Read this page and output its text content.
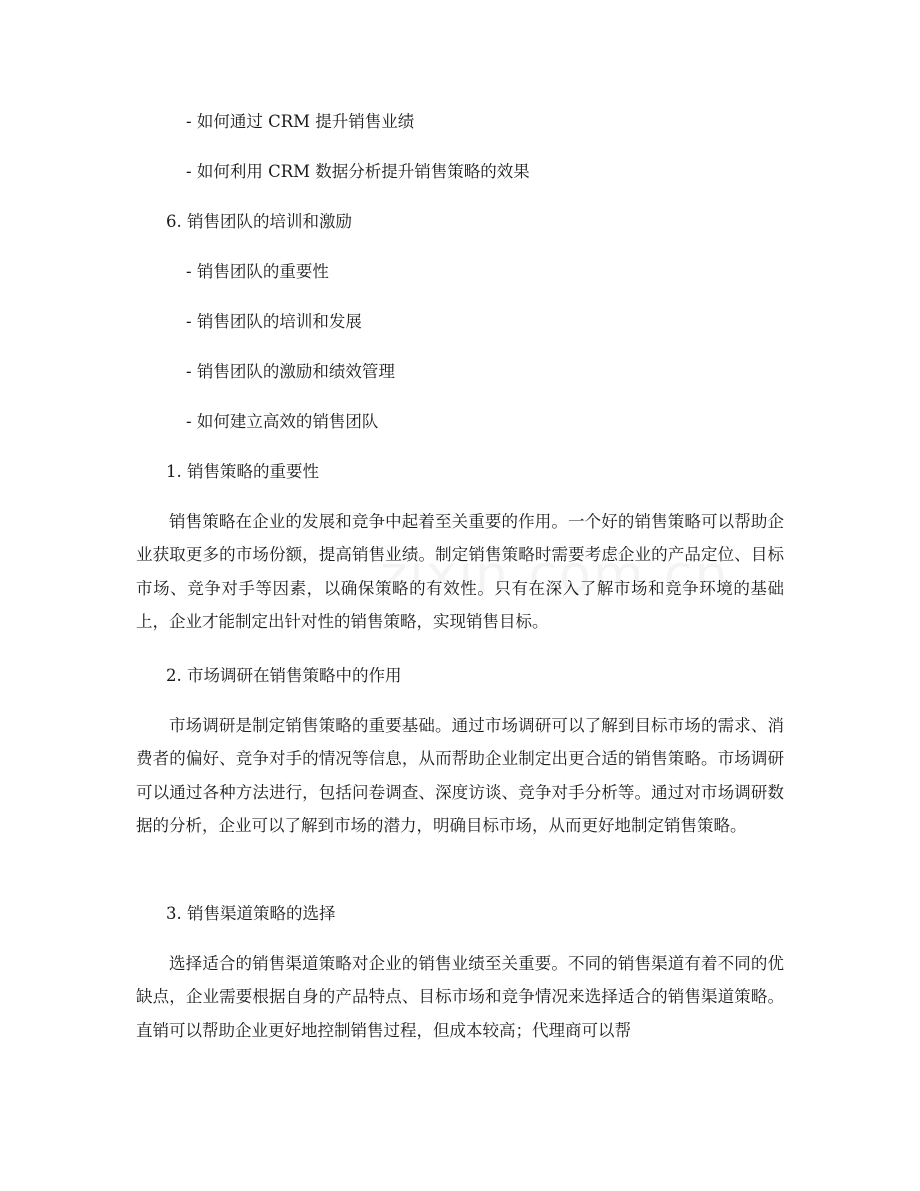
- 如何通过 CRM 提升销售业绩
- 如何利用 CRM 数据分析提升销售策略的效果
6. 销售团队的培训和激励
- 销售团队的重要性
- 销售团队的培训和发展
- 销售团队的激励和绩效管理
- 如何建立高效的销售团队
1. 销售策略的重要性

销售策略在企业的发展和竞争中起着至关重要的作用。一个好的销售策略可以帮助企业获取更多的市场份额，提高销售业绩。制定销售策略时需要考虑企业的产品定位、目标市场、竞争对手等因素，以确保策略的有效性。只有在深入了解市场和竞争环境的基础上，企业才能制定出针对性的销售策略，实现销售目标。

2. 市场调研在销售策略中的作用

市场调研是制定销售策略的重要基础。通过市场调研可以了解到目标市场的需求、消费者的偏好、竞争对手的情况等信息，从而帮助企业制定出更合适的销售策略。市场调研可以通过各种方法进行，包括问卷调查、深度访谈、竞争对手分析等。通过对市场调研数据的分析，企业可以了解到市场的潜力，明确目标市场，从而更好地制定销售策略。

3. 销售渠道策略的选择

选择适合的销售渠道策略对企业的销售业绩至关重要。不同的销售渠道有着不同的优缺点，企业需要根据自身的产品特点、目标市场和竞争情况来选择适合的销售渠道策略。直销可以帮助企业更好地控制销售过程，但成本较高；代理商可以帮
